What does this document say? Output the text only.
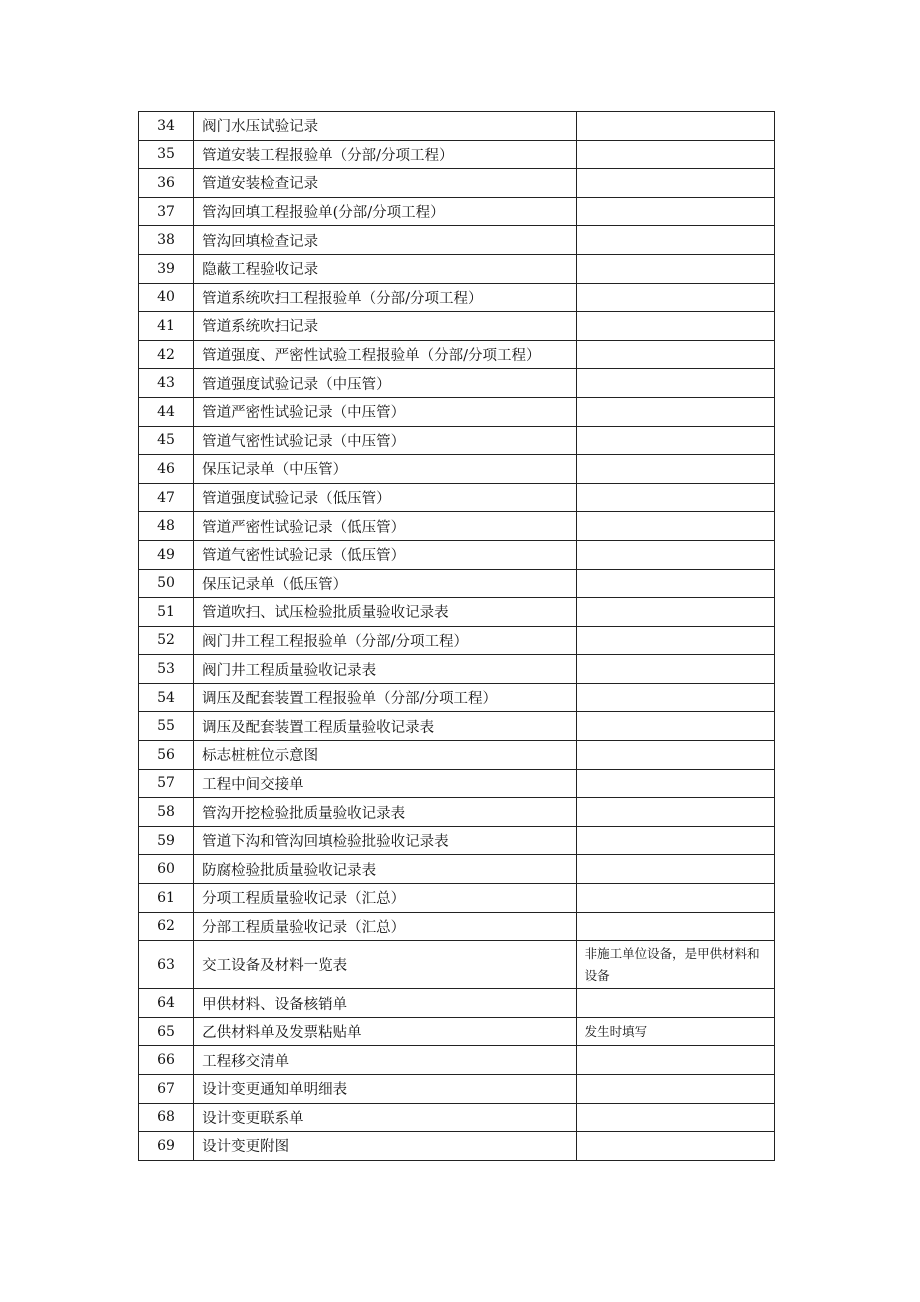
34	阀门水压试验记录	
35	管道安装工程报验单（分部/分项工程）	
36	管道安装检查记录	
37	管沟回填工程报验单(分部/分项工程）	
38	管沟回填检查记录	
39	隐蔽工程验收记录	
40	管道系统吹扫工程报验单（分部/分项工程）	
41	管道系统吹扫记录	
42	管道强度、严密性试验工程报验单（分部/分项工程）	
43	管道强度试验记录（中压管）	
44	管道严密性试验记录（中压管）	
45	管道气密性试验记录（中压管）	
46	保压记录单（中压管）	
47	管道强度试验记录（低压管）	
48	管道严密性试验记录（低压管）	
49	管道气密性试验记录（低压管）	
50	保压记录单（低压管）	
51	管道吹扫、试压检验批质量验收记录表	
52	阀门井工程工程报验单（分部/分项工程）	
53	阀门井工程质量验收记录表	
54	调压及配套装置工程报验单（分部/分项工程）	
55	调压及配套装置工程质量验收记录表	
56	标志桩桩位示意图	
57	工程中间交接单	
58	管沟开挖检验批质量验收记录表	
59	管道下沟和管沟回填检验批验收记录表	
60	防腐检验批质量验收记录表	
61	分项工程质量验收记录（汇总）	
62	分部工程质量验收记录（汇总）	
63	交工设备及材料一览表	非施工单位设备，是甲供材料和设备
64	甲供材料、设备核销单	
65	乙供材料单及发票粘贴单	发生时填写
66	工程移交清单	
67	设计变更通知单明细表	
68	设计变更联系单	
69	设计变更附图	
